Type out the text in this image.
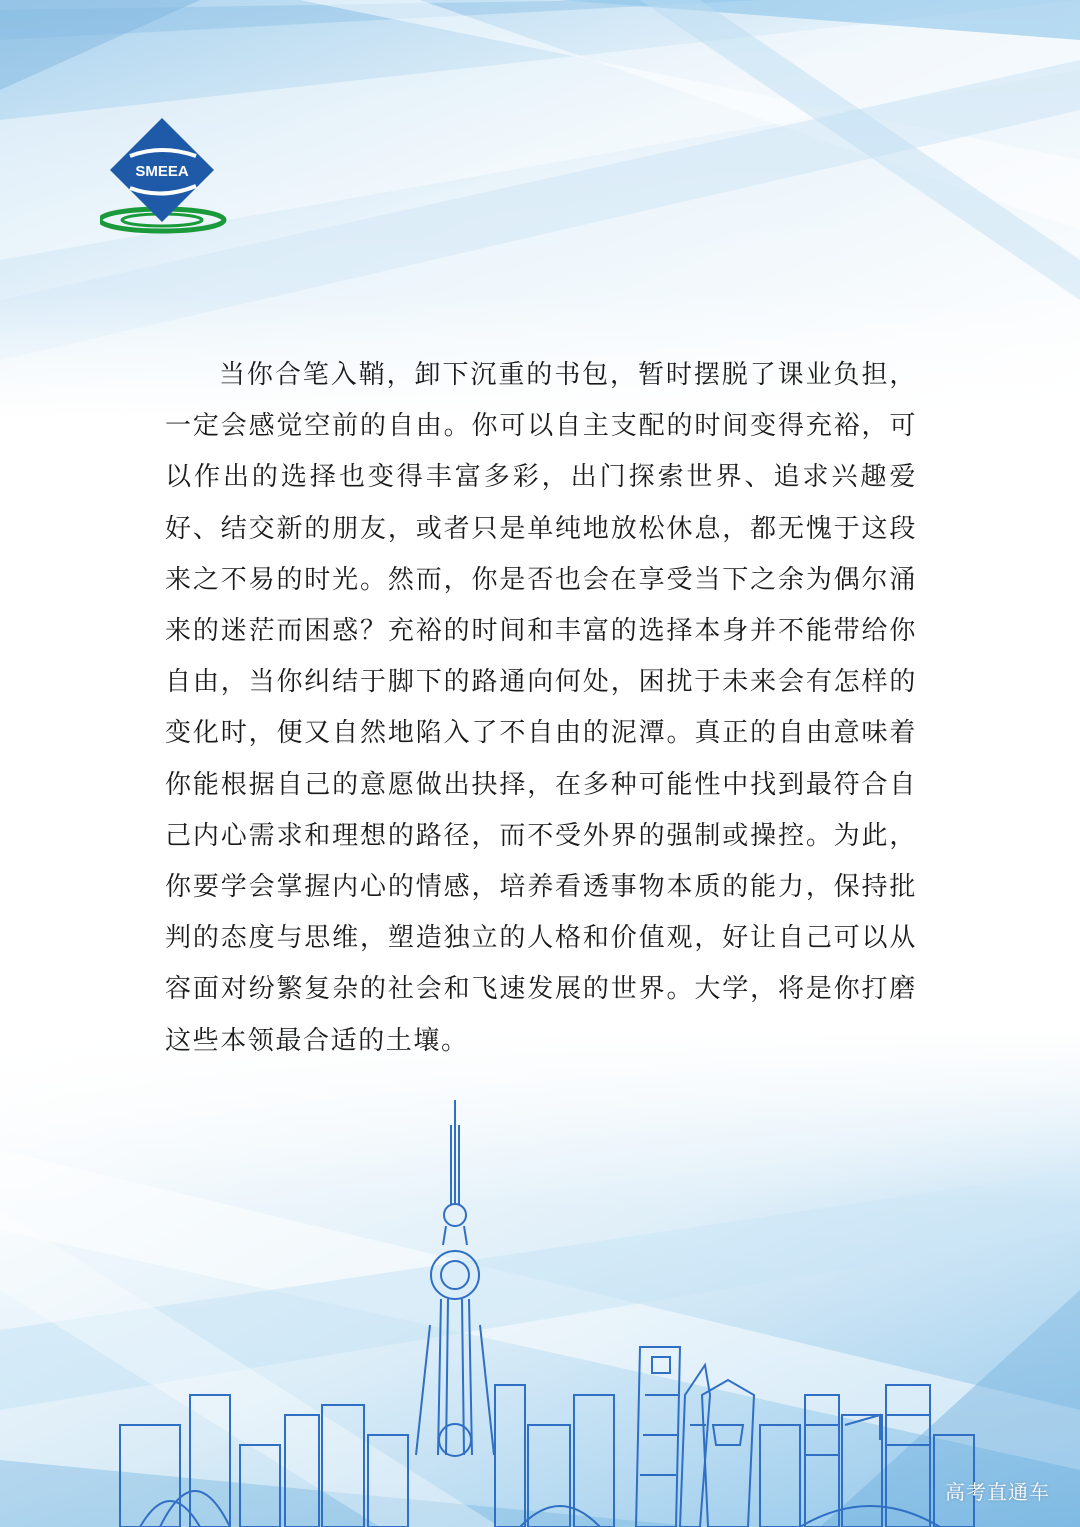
SMEEA

当你合笔入鞘，卸下沉重的书包，暂时摆脱了课业负担，一定会感觉空前的自由。你可以自主支配的时间变得充裕，可以作出的选择也变得丰富多彩，出门探索世界、追求兴趣爱好、结交新的朋友，或者只是单纯地放松休息，都无愧于这段来之不易的时光。然而，你是否也会在享受当下之余为偶尔涌来的迷茫而困惑？充裕的时间和丰富的选择本身并不能带给你自由，当你纠结于脚下的路通向何处，困扰于未来会有怎样的变化时，便又自然地陷入了不自由的泥潭。真正的自由意味着你能根据自己的意愿做出抉择，在多种可能性中找到最符合自己内心需求和理想的路径，而不受外界的强制或操控。为此，你要学会掌握内心的情感，培养看透事物本质的能力，保持批判的态度与思维，塑造独立的人格和价值观，好让自己可以从容面对纷繁复杂的社会和飞速发展的世界。大学，将是你打磨这些本领最合适的土壤。

高考直通车
